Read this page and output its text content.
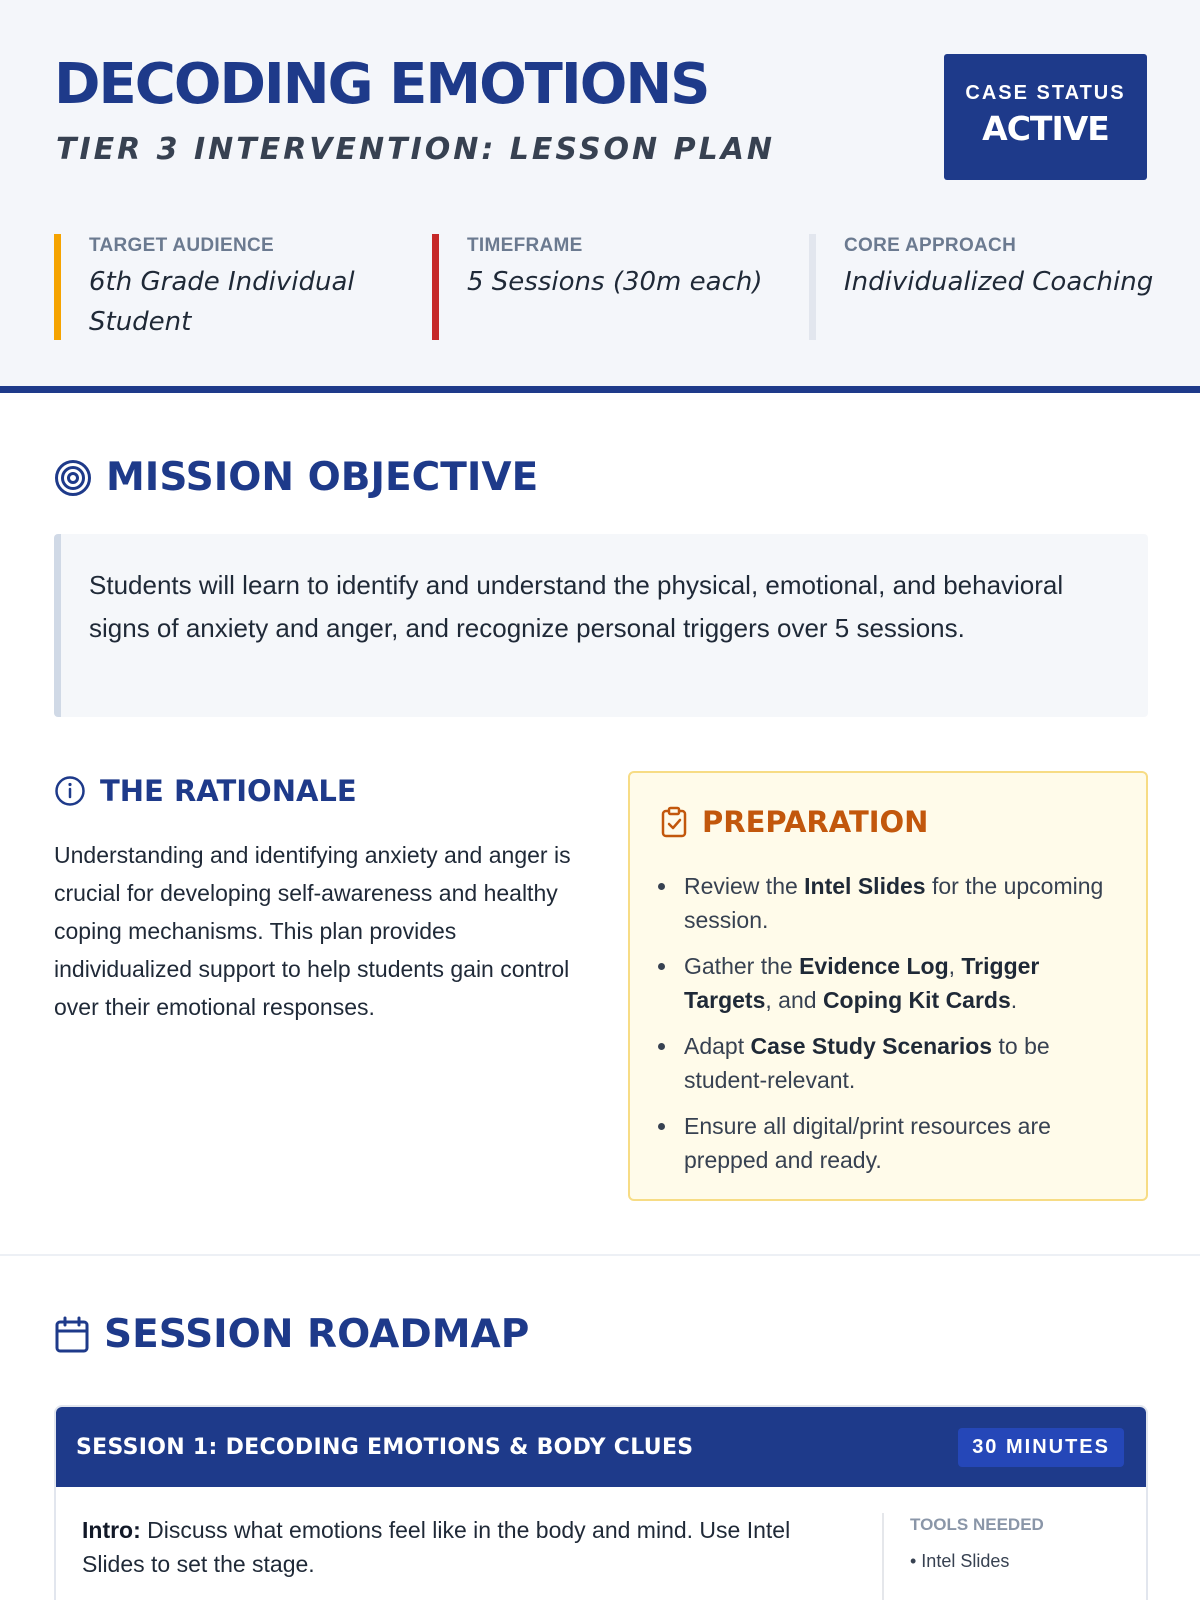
DECODING EMOTIONS
TIER 3 INTERVENTION: LESSON PLAN
CASE STATUS
ACTIVE
TARGET AUDIENCE
6th Grade Individual Student
TIMEFRAME
5 Sessions (30m each)
CORE APPROACH
Individualized Coaching
MISSION OBJECTIVE
Students will learn to identify and understand the physical, emotional, and behavioral signs of anxiety and anger, and recognize personal triggers over 5 sessions.
THE RATIONALE
Understanding and identifying anxiety and anger is crucial for developing self-awareness and healthy coping mechanisms. This plan provides individualized support to help students gain control over their emotional responses.
PREPARATION
Review the Intel Slides for the upcoming session.
Gather the Evidence Log, Trigger Targets, and Coping Kit Cards.
Adapt Case Study Scenarios to be student-relevant.
Ensure all digital/print resources are prepped and ready.
SESSION ROADMAP
SESSION 1: DECODING EMOTIONS & BODY CLUES	30 MINUTES
Intro: Discuss what emotions feel like in the body and mind. Use Intel Slides to set the stage.
TOOLS NEEDED
• Intel Slides
